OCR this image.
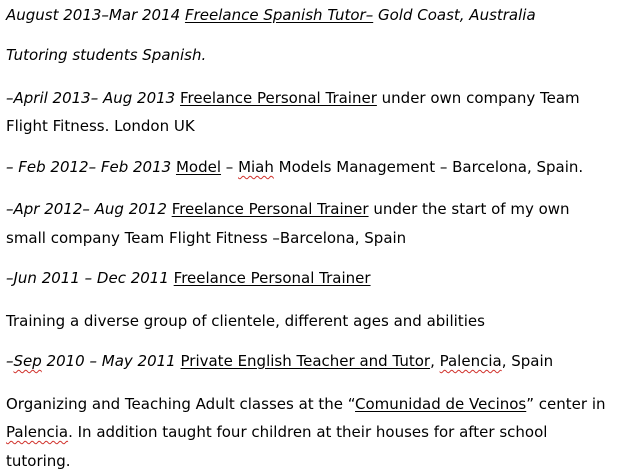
August 2013–Mar 2014 Freelance Spanish Tutor– Gold Coast, Australia
Tutoring students Spanish.
–April 2013– Aug 2013 Freelance Personal Trainer under own company Team
Flight Fitness. London UK
– Feb 2012– Feb 2013 Model – Miah Models Management – Barcelona, Spain.
–Apr 2012– Aug 2012 Freelance Personal Trainer under the start of my own
small company Team Flight Fitness –Barcelona, Spain
–Jun 2011 – Dec 2011 Freelance Personal Trainer
Training a diverse group of clientele, different ages and abilities
–Sep 2010 – May 2011 Private English Teacher and Tutor, Palencia, Spain
Organizing and Teaching Adult classes at the “Comunidad de Vecinos” center in
Palencia. In addition taught four children at their houses for after school
tutoring.
